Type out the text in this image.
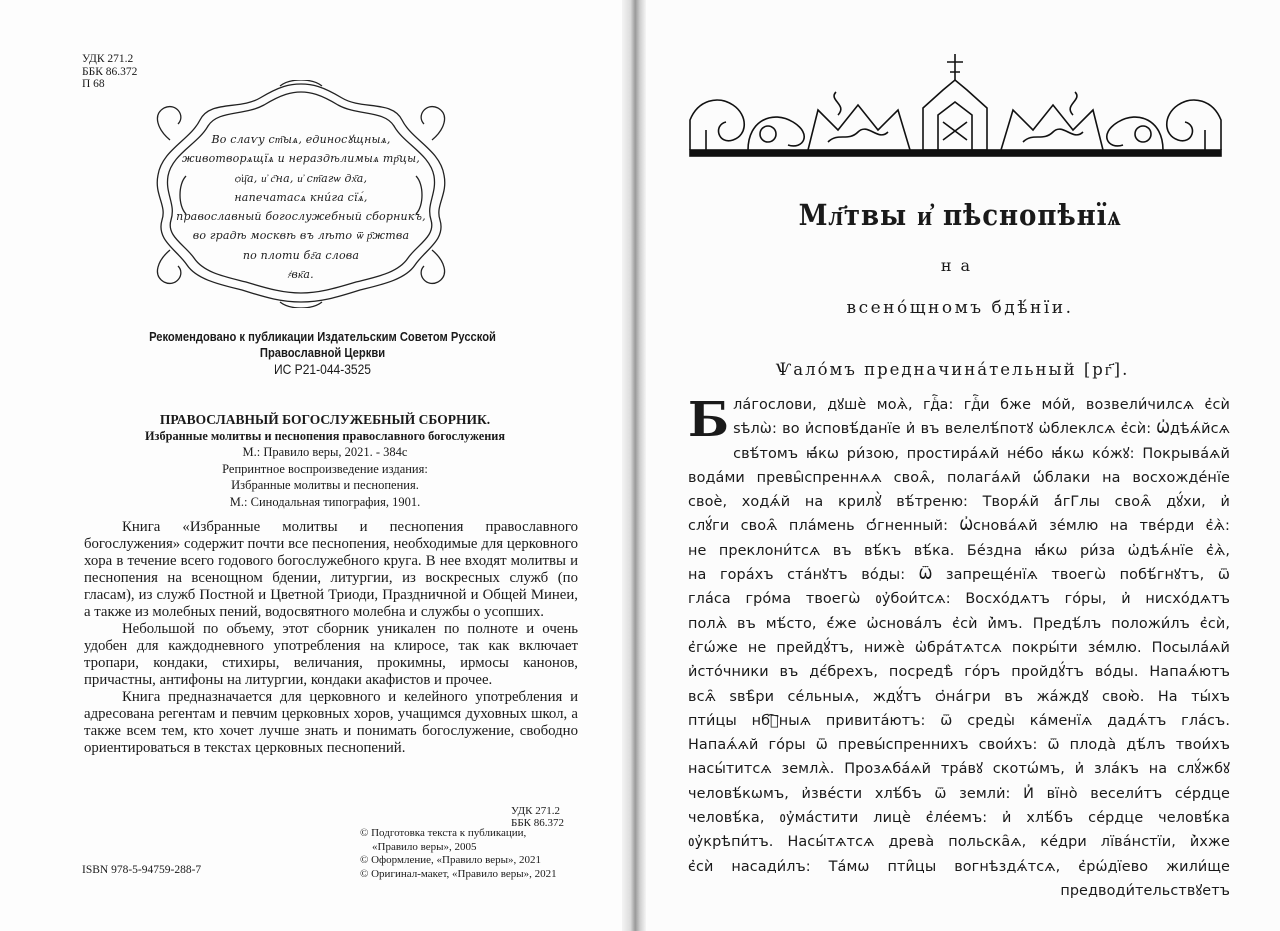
УДК 271.2
ББК 86.372
П 68
Во слаѵу ст҃ыѧ, единосꙋщныѧ,
животворѧщїѧ и нераздѣлимыѧ тр҃цы,
ѻ҆ц҃а, и҆ с҃на, и҆ ст҃агѡ дх҃а,
напечатасѧ кни́га сїѧ́,
православный богослужебный сборникъ,
во градѣ москвѣ въ лѣто ѿ р҃жтва
по плоти бг҃а слова
҂вк҃а.
Рекомендовано к публикации Издательским Советом Русской Православной Церкви
ИС Р21-044-3525
ПРАВОСЛАВНЫЙ БОГОСЛУЖЕБНЫЙ СБОРНИК.
Избранные молитвы и песнопения православного богослужения
М.: Правило веры, 2021. - 384с
Репринтное воспроизведение издания:
Избранные молитвы и песнопения.
М.: Синодальная типография, 1901.

Книга «Избранные молитвы и песнопения православного богослужения» содержит почти все песнопения, необходимые для церковного хора в течение всего годового богослужебного круга. В нее входят молитвы и песнопения на всенощном бдении, литургии, из воскресных служб (по гласам), из служб Постной и Цветной Триоди, Праздничной и Общей Минеи, а также из молебных пений, водосвятного молебна и службы о усопших.

Небольшой по объему, этот сборник уникален по полноте и очень удобен для каждодневного употребления на клиросе, так как включает тропари, кондаки, стихиры, величания, прокимны, ирмосы канонов, причастны, антифоны на литургии, кондаки акафистов и прочее.

Книга предназначается для церковного и келейного употребления и адресована регентам и певчим церковных хоров, учащимся духовных школ, а также всем тем, кто хочет лучше знать и понимать богослужение, свободно ориентироваться в текстах церковных песнопений.

УДК 271.2
ББК 86.372
© Подготовка текста к публикации,
«Правило веры», 2005
© Оформление, «Правило веры», 2021
© Оригинал-макет, «Правило веры», 2021
ISBN 978-5-94759-288-7
Мл҃твы и҆ пѣснопѣнїѧ
на
всено́щномъ бдѣ́нїи.
Ѱало́мъ предначина́тельный [рг҃].
Б ла́гослови, дꙋшѐ моѧ̀, гдⷭ҇а: гдⷭ҇и бже мо́й, возвели́чилсѧ є҆сѝ
ѕѣлѡ̀: во и҆сповѣ́данїе и҆ въ велелѣ́потꙋ ѡ҆блеклсѧ є҆сѝ: Ѡ҆дѣѧ́йсѧ
свѣ́томъ ꙗ҆́кѡ ри́зою, простира́ѧй не́бо ꙗ҆́кѡ ко́жꙋ: Покрыва́ѧй
вода́ми превы̑спреннѧѧ своѧ̑, полага́ѧй ѡ҆́блаки на восхожде́нїе
своѐ, ходѧ́й на крилꙋ̀ вѣ́треню: Творѧ́й а҆́гГлы своѧ̑ дꙋ́хи, и҆
слꙋ́ги своѧ̑ пла́мень ѻ҆́гненный: Ѡ҆снова́ѧй зе́млю на тве́рди є҆ѧ̀:
не преклони́тсѧ въ вѣ́къ вѣ́ка. Бе́здна ꙗ҆́кѡ ри́за ѡ҆дѣѧ́нїе є҆ѧ̀,
на гора́хъ ста́нꙋтъ во́ды: Ѿ запреще́нїѧ твоегѡ̀ побѣ́гнꙋтъ, ѿ
гла́са гро́ма твоегѡ̀ ᲂу҆бои́тсѧ: Восхо́дѧтъ го́ры, и҆ нисхо́дѧтъ
полѧ̀ въ мѣ́сто, є҆́же ѡ҆снова́лъ є҆сѝ и҆̀мъ. Предѣ́лъ положи́лъ є҆сѝ,
є҆гѡ́же не прейдꙋ́тъ, нижѐ ѡ҆бра́тѧтсѧ покры́ти зе́млю. Посыла́ѧй
и҆сто́чники въ дє́брехъ, посредѣ̀ го́ръ пройдꙋ́тъ во́ды. Напаѧ́ютъ
всѧ̑ ѕвѣ̑ри се́льныѧ, ждꙋ́тъ ѻ҆на́гри въ жа́ждꙋ свою̀. На ты́хъ
пти́цы нбⷭ҇ныѧ привита́ютъ: ѿ среды̀ ка́менїѧ дадѧ́тъ гла́съ.
Напаѧ́ѧй го́ры ѿ превы́спреннихъ свои́хъ: ѿ плода̀ дѣ́лъ твои́хъ
насы́титсѧ землѧ̀. Прозѧба́ѧй тра́вꙋ скотѡ́мъ, и҆ зла́къ на слꙋ́жбꙋ
человѣ́кѡмъ, и҆зве́сти хлѣ́бъ ѿ земли̇: И҆ вїно̀ весели́тъ се́рдце
человѣ́ка, ᲂу҆ма́стити лицѐ є҆ле́емъ: и҆ хлѣ́бъ се́рдце человѣ́ка
ᲂу҆крѣпи́тъ. Насы́тѧтсѧ древа̀ польска̑ѧ, ке́дри лїва́нстїи, и҆̀хже
є҆сѝ насади́лъ: Та́мѡ пти̑цы вогнѣздѧ́тсѧ, є҆рѡ́дїево жили́ще
предводи́тельствꙋетъ
